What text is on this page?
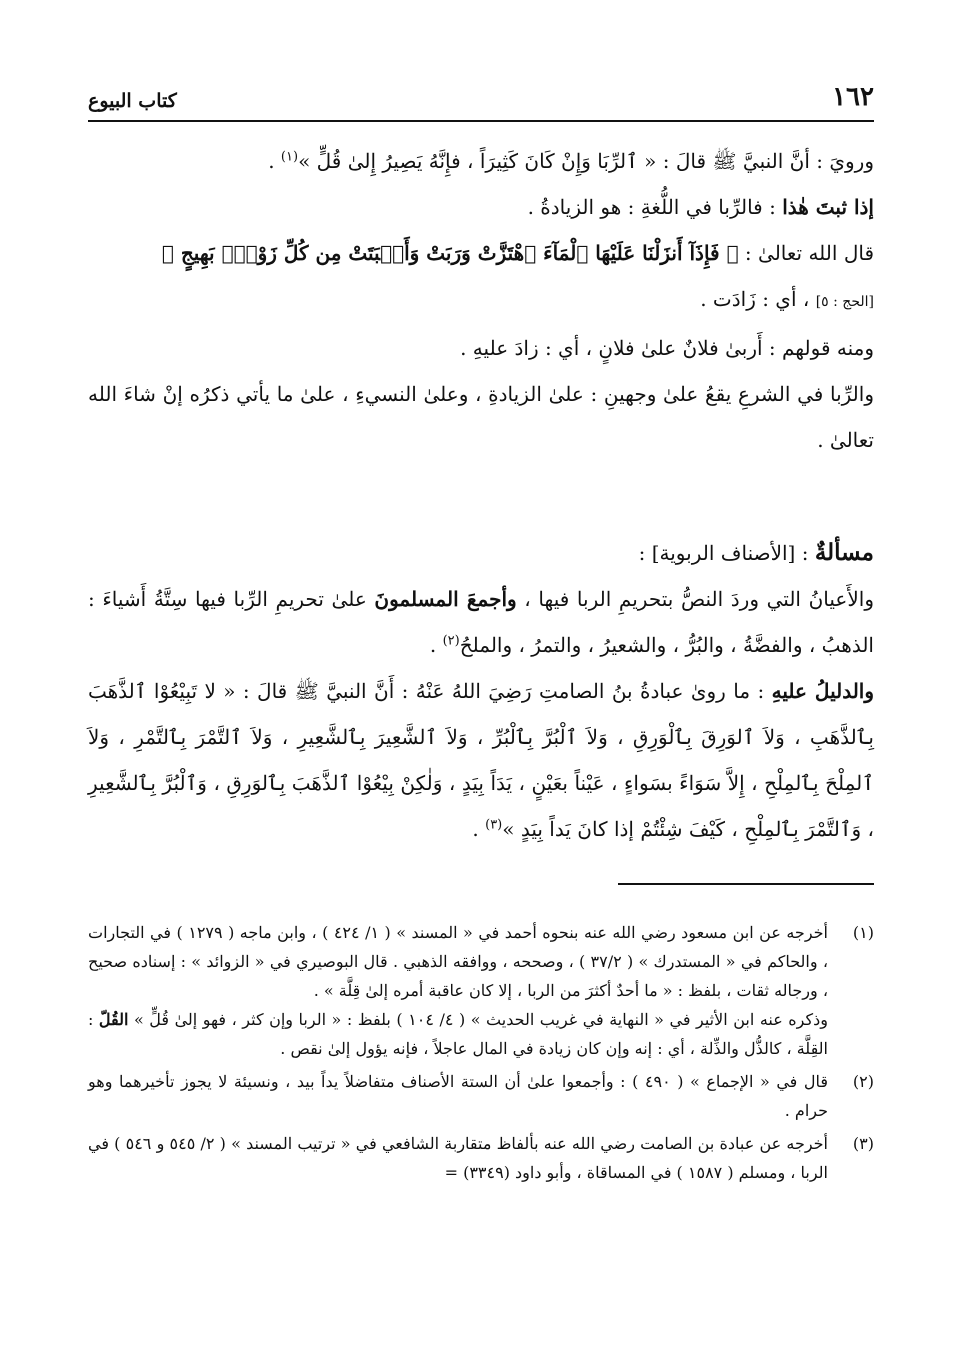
١٦٢
كتاب البيوع

ورويَ : أنَّ النبيَّ ﷺ قالَ : « ٱلرِّبَا وَإِنْ كَانَ كَثِيرَاً ، فإِنَّهُ يَصِيرُ إِلىٰ قُلٍّ »$^{(١)}$ .

إذا ثبتَ هٰذا : فالرِّبا في اللُّغةِ : هو الزيادةُ .

قال الله تعالىٰ : ﴿ فَإِذَآ أَنزَلْنَا عَلَيْهَا ٱلْمَآءَ ٱهْتَزَّتْ وَرَبَتْ وَأَنۢبَتَتْ مِن كُلِّ زَوْجٍۭ بَهِيجٍ ﴾
[الحج : ٥] ، أي : زَادَت .

ومنه قولهم : أَربىٰ فلانٌ علىٰ فلانٍ ، أي : زادَ عليهِ .

والرِّبا في الشرعِ يقعُ علىٰ وجهينِ : علىٰ الزيادةِ ، وعلىٰ النسيءِ ، علىٰ ما يأتي ذكرُه إنْ شاءَ الله تعالىٰ .

مسألةٌ : [الأصناف الربوية] :

والأَعيانُ التي وردَ النصُّ بتحريمِ الربا فيها ، وأجمعَ المسلمونَ علىٰ تحريمِ الرِّبا فيها سِتَّةُ أَشياءَ : الذهبُ ، والفضَّةُ ، والبُرُّ ، والشعيرُ ، والتمرُ ، والملحُ$^{(٢)}$ .

والدليلُ عليهِ : ما روىٰ عبادةُ بنُ الصامتِ رَضِيَ اللهُ عَنْهُ : أَنَّ النبيَّ ﷺ قالَ : « لا تَبِيْعُوْا ٱلذَّهَبَ بِٱلذَّهَبِ ، وَلاَ ٱلوَرِقَ بِٱلْوَرِقِ ، وَلاَ ٱلْبُرَّ بِٱلْبُرِّ ، وَلاَ ٱلشَّعِيرَ بِٱلشَّعِيرِ ، وَلاَ ٱلتَّمْرَ بِٱلتَّمْرِ ، وَلاَ ٱلمِلْحَ بِٱلمِلْحِ ، إِلاَّ سَوَاءً بسَواءٍ ، عَيْناً بعَيْنٍ ، يَدَاً بِيَدٍ ، وَلٰكِنْ بِيْعُوْا ٱلذَّهَبَ بِٱلوَرِقِ ، وَٱلْبُرَّ بِٱلشَّعِيرِ ، وَٱلتَّمْرَ بِٱلمِلْحِ ، كَيْفَ شِئْتُمْ إذا كانَ يَداً بِيَدٍ »$^{(٣)}$ .

(١)
أخرجه عن ابن مسعود رضي الله عنه بنحوه أحمد في « المسند » ( ١/ ٤٢٤ ) ، وابن ماجه ( ١٢٧٩ ) في التجارات ، والحاكم في « المستدرك » ( ٣٧/٢ ) ، وصححه ، ووافقه الذهبي . قال البوصيري في « الزوائد » : إسناده صحيح ، ورجاله ثقات ، بلفظ : « ما أحدٌ أكثرَ من الربا ، إلا كان عاقبة أمره إلىٰ قِلَّة » .

وذكره عنه ابن الأثير في « النهاية في غريب الحديث » ( ٤/ ١٠٤ ) بلفظ : « الربا وإن كثر ، فهو إلىٰ قُلٍّ » القُلّ : القِلَّة ، كالذُّل والذِّلة ، أي : إنه وإن كان زيادة في المال عاجلاً ، فإنه يؤول إلىٰ نقص .

(٢)
قال في « الإجماع » ( ٤٩٠ ) : وأجمعوا علىٰ أن الستة الأصناف متفاضلاً يداً بيد ، ونسيئة لا يجوز تأخيرهما وهو حرام .
(٣)
أخرجه عن عبادة بن الصامت رضي الله عنه بألفاظ متقاربة الشافعي في « ترتيب المسند » ( ٢/ ٥٤٥ و ٥٤٦ ) في الربا ، ومسلم ( ١٥٨٧ ) في المساقاة ، وأبو داود (٣٣٤٩) =
